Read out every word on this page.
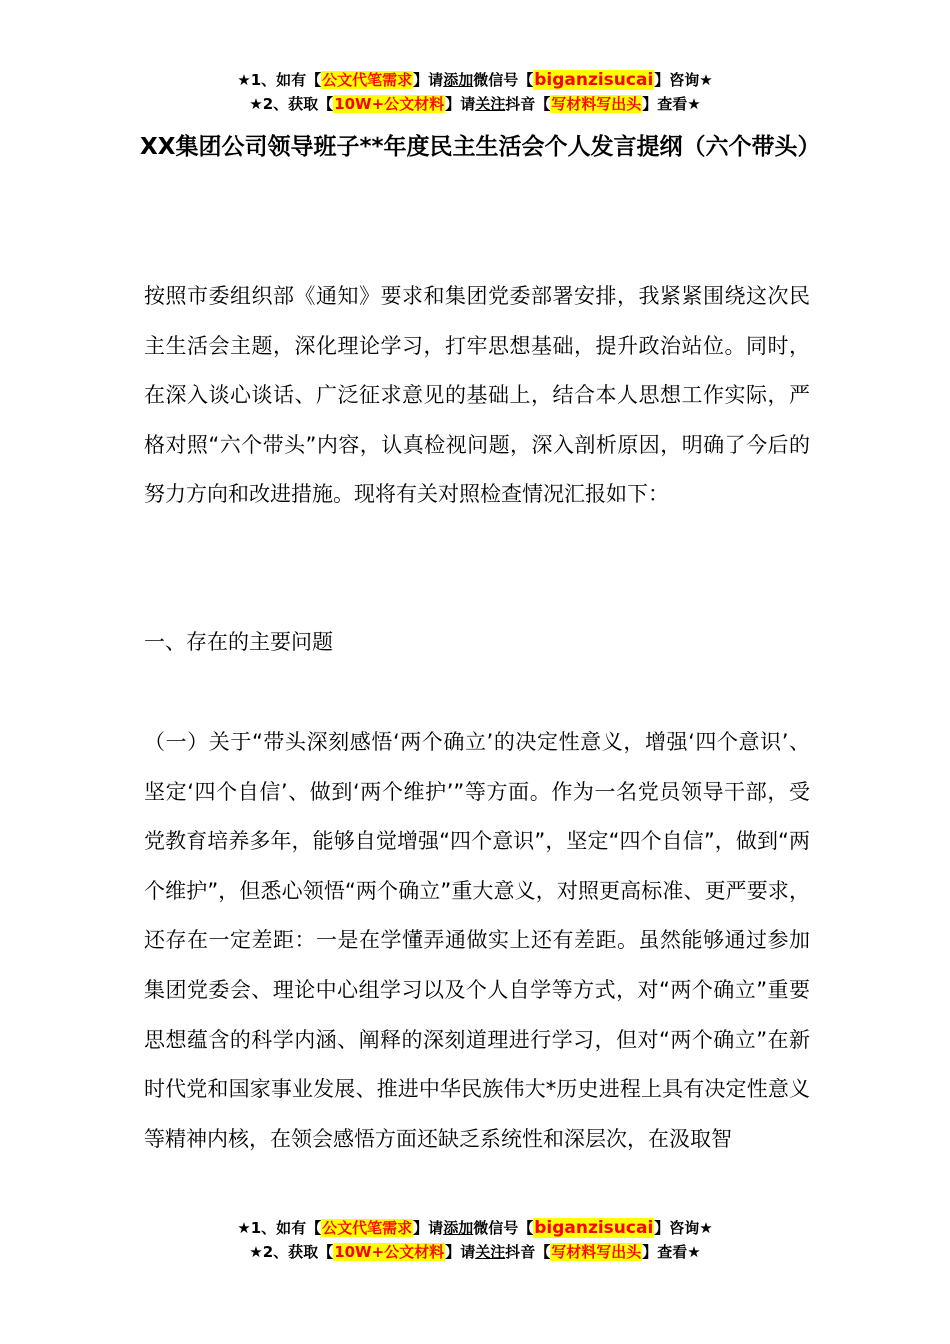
★1、如有【公文代笔需求】请添加微信号【biganzisucai】咨询★
★2、获取【10W+公文材料】请关注抖音【写材料写出头】查看★
XX集团公司领导班子**年度民主生活会个人发言提纲（六个带头）

按照市委组织部《通知》要求和集团党委部署安排，我紧紧围绕这次民主生活会主题，深化理论学习，打牢思想基础，提升政治站位。同时，在深入谈心谈话、广泛征求意见的基础上，结合本人思想工作实际，严格对照“六个带头”内容，认真检视问题，深入剖析原因，明确了今后的努力方向和改进措施。现将有关对照检查情况汇报如下：

一、存在的主要问题

（一）关于“带头深刻感悟‘两个确立’的决定性意义，增强‘四个意识’、坚定‘四个自信’、做到‘两个维护’”等方面。作为一名党员领导干部，受党教育培养多年，能够自觉增强“四个意识”，坚定“四个自信”，做到“两个维护”，但悉心领悟“两个确立”重大意义，对照更高标准、更严要求，还存在一定差距：一是在学懂弄通做实上还有差距。虽然能够通过参加集团党委会、理论中心组学习以及个人自学等方式，对“两个确立”重要思想蕴含的科学内涵、阐释的深刻道理进行学习，但对“两个确立”在新时代党和国家事业发展、推进中华民族伟大*历史进程上具有决定性意义等精神内核，在领会感悟方面还缺乏系统性和深层次，在汲取智

★1、如有【公文代笔需求】请添加微信号【biganzisucai】咨询★
★2、获取【10W+公文材料】请关注抖音【写材料写出头】查看★
